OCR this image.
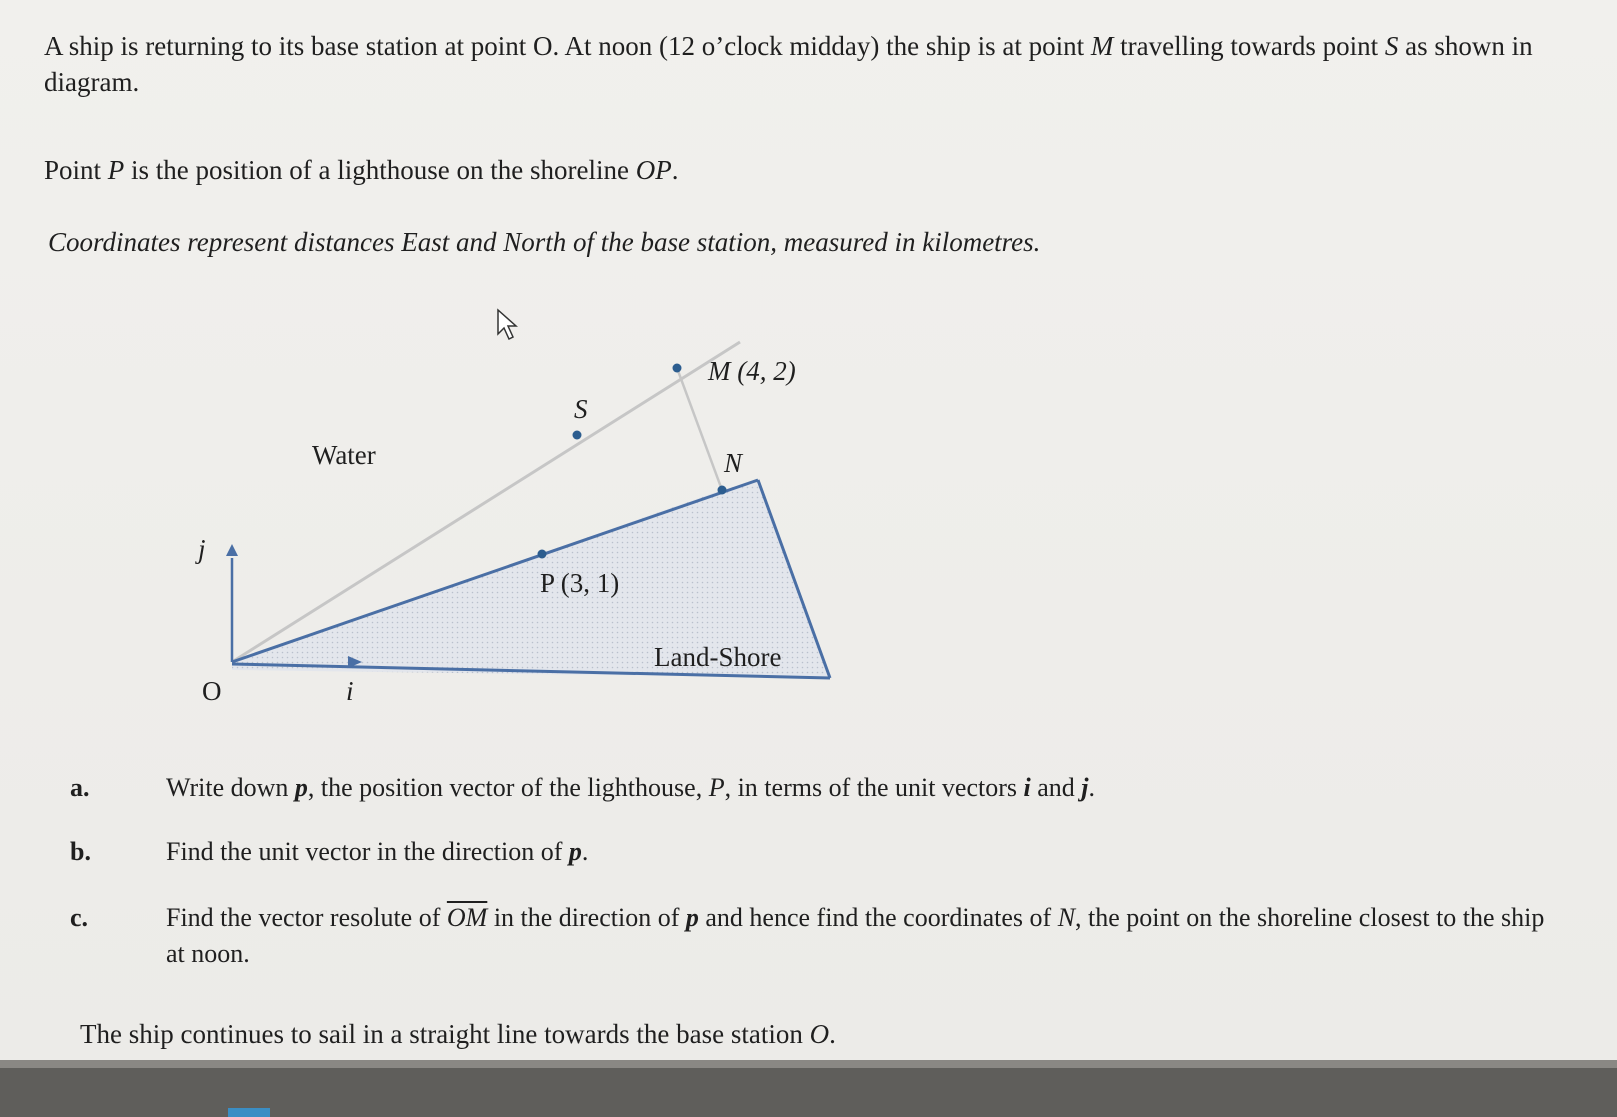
A ship is returning to its base station at point O. At noon (12 o’clock midday) the ship is at point M travelling towards point S as shown in diagram.

Point P is the position of a lighthouse on the shoreline OP.

Coordinates represent distances East and North of the base station, measured in kilometres.

M (4, 2)
S
N
P (3, 1)
Water
Land-Shore
O	i
j
a.	Write down p, the position vector of the lighthouse, P, in terms of the unit vectors i and j.
b.	Find the unit vector in the direction of p.
c.	Find the vector resolute of $\overline{OM}$ in the direction of p and hence find the coordinates of N, the point on the shoreline closest to the ship at noon.

The ship continues to sail in a straight line towards the base station O.
